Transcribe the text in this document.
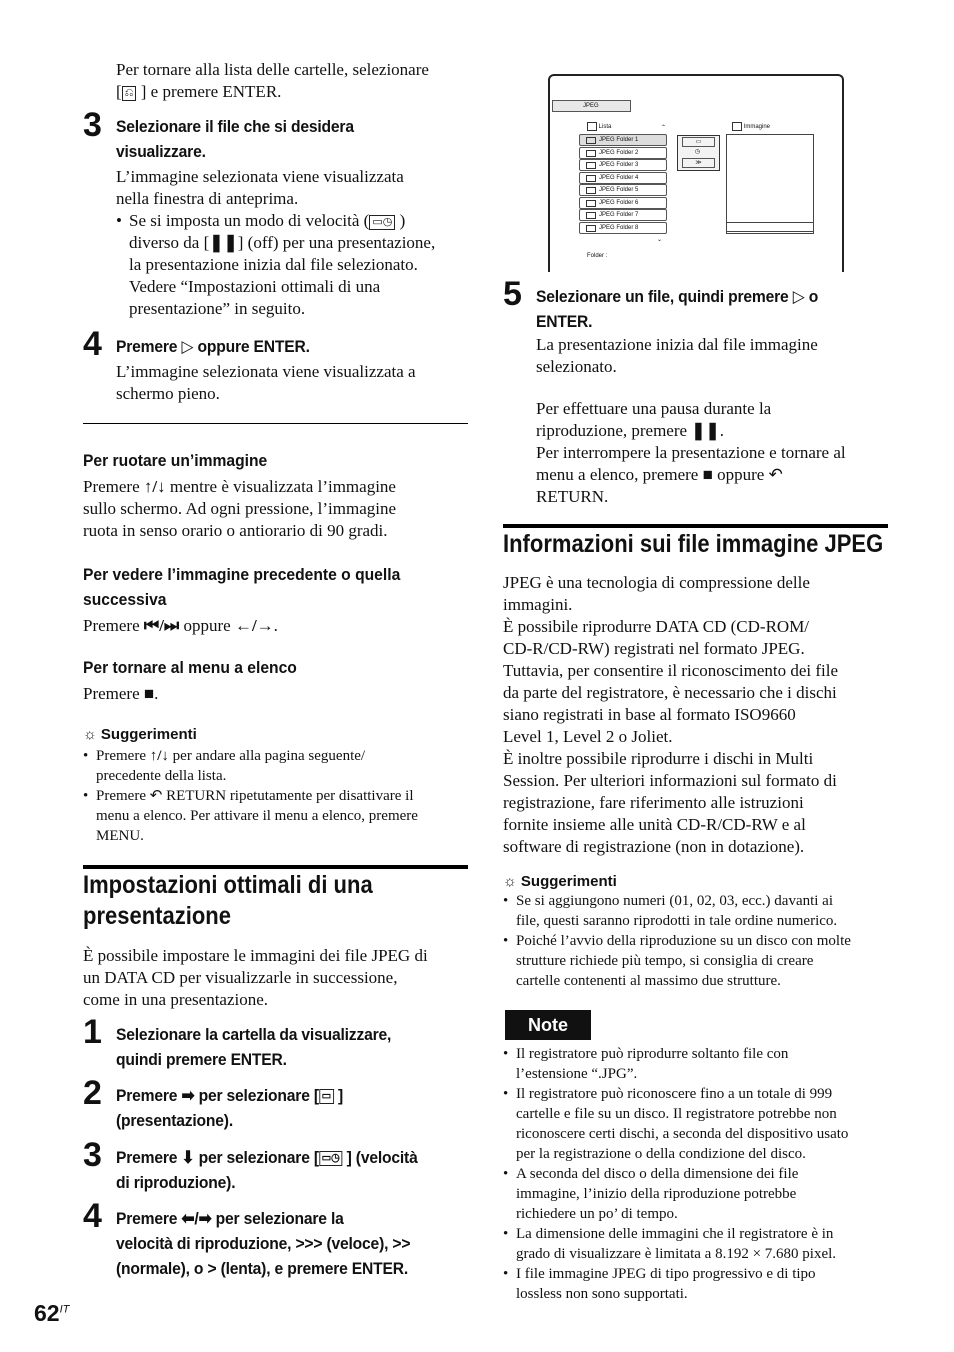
Per tornare alla lista delle cartelle, selezionare
[ ⎌ ] e premere ENTER.
3 Selezionare il file che si desidera
visualizzare.
L’immagine selezionata viene visualizzata
nella finestra di anteprima.
• Se si imposta un modo di velocità ( ▭◷ )
diverso da [❚❚] (off) per una presentazione,
la presentazione inizia dal file selezionato.
Vedere “Impostazioni ottimali di una
presentazione” in seguito.
4 Premere ▷ oppure ENTER.
L’immagine selezionata viene visualizzata a
schermo pieno.
Per ruotare un’immagine
Premere ↑/↓ mentre è visualizzata l’immagine
sullo schermo. Ad ogni pressione, l’immagine
ruota in senso orario o antiorario di 90 gradi.
Per vedere l’immagine precedente o quella
successiva
Premere ⏮/⏭ oppure ←/→.
Per tornare al menu a elenco
Premere ■.
☼ Suggerimenti
• Premere ↑/↓ per andare alla pagina seguente/
precedente della lista.
• Premere ↶ RETURN ripetutamente per disattivare il
menu a elenco. Per attivare il menu a elenco, premere
MENU.
Impostazioni ottimali di una
presentazione
È possibile impostare le immagini dei file JPEG di
un DATA CD per visualizzarle in successione,
come in una presentazione.
1 Selezionare la cartella da visualizzare,
quindi premere ENTER.
2 Premere ➡ per selezionare [ ▭ ]
(presentazione).
3 Premere ⬇ per selezionare [ ▭◷ ] (velocità
di riproduzione).
4 Premere ⬅/➡ per selezionare la
velocità di riproduzione, >>> (veloce), >>
(normale), o > (lenta), e premere ENTER.
$62^{IT}$
JPEG
Lista	⌃
JPEG Folder 1
JPEG Folder 2
JPEG Folder 3
JPEG Folder 4
JPEG Folder 5
JPEG Folder 6
JPEG Folder 7
JPEG Folder 8
⌄
Folder :
▭
◷
≫
Immagine
5 Selezionare un file, quindi premere ▷ o
ENTER.
La presentazione inizia dal file immagine
selezionato.
Per effettuare una pausa durante la
riproduzione, premere ❚❚.
Per interrompere la presentazione e tornare al
menu a elenco, premere ■ oppure ↶
RETURN.
Informazioni sui file immagine JPEG
JPEG è una tecnologia di compressione delle
immagini.
È possibile riprodurre DATA CD (CD-ROM/
CD-R/CD-RW) registrati nel formato JPEG.
Tuttavia, per consentire il riconoscimento dei file
da parte del registratore, è necessario che i dischi
siano registrati in base al formato ISO9660
Level 1, Level 2 o Joliet.
È inoltre possibile riprodurre i dischi in Multi
Session. Per ulteriori informazioni sul formato di
registrazione, fare riferimento alle istruzioni
fornite insieme alle unità CD-R/CD-RW e al
software di registrazione (non in dotazione).
☼ Suggerimenti
• Se si aggiungono numeri (01, 02, 03, ecc.) davanti ai
file, questi saranno riprodotti in tale ordine numerico.
• Poiché l’avvio della riproduzione su un disco con molte
strutture richiede più tempo, si consiglia di creare
cartelle contenenti al massimo due strutture.
Note
• Il registratore può riprodurre soltanto file con
l’estensione “.JPG”.
• Il registratore può riconoscere fino a un totale di 999
cartelle e file su un disco. Il registratore potrebbe non
riconoscere certi dischi, a seconda del dispositivo usato
per la registrazione o della condizione del disco.
• A seconda del disco o della dimensione dei file
immagine, l’inizio della riproduzione potrebbe
richiedere un po’ di tempo.
• La dimensione delle immagini che il registratore è in
grado di visualizzare è limitata a 8.192 × 7.680 pixel.
• I file immagine JPEG di tipo progressivo e di tipo
lossless non sono supportati.
